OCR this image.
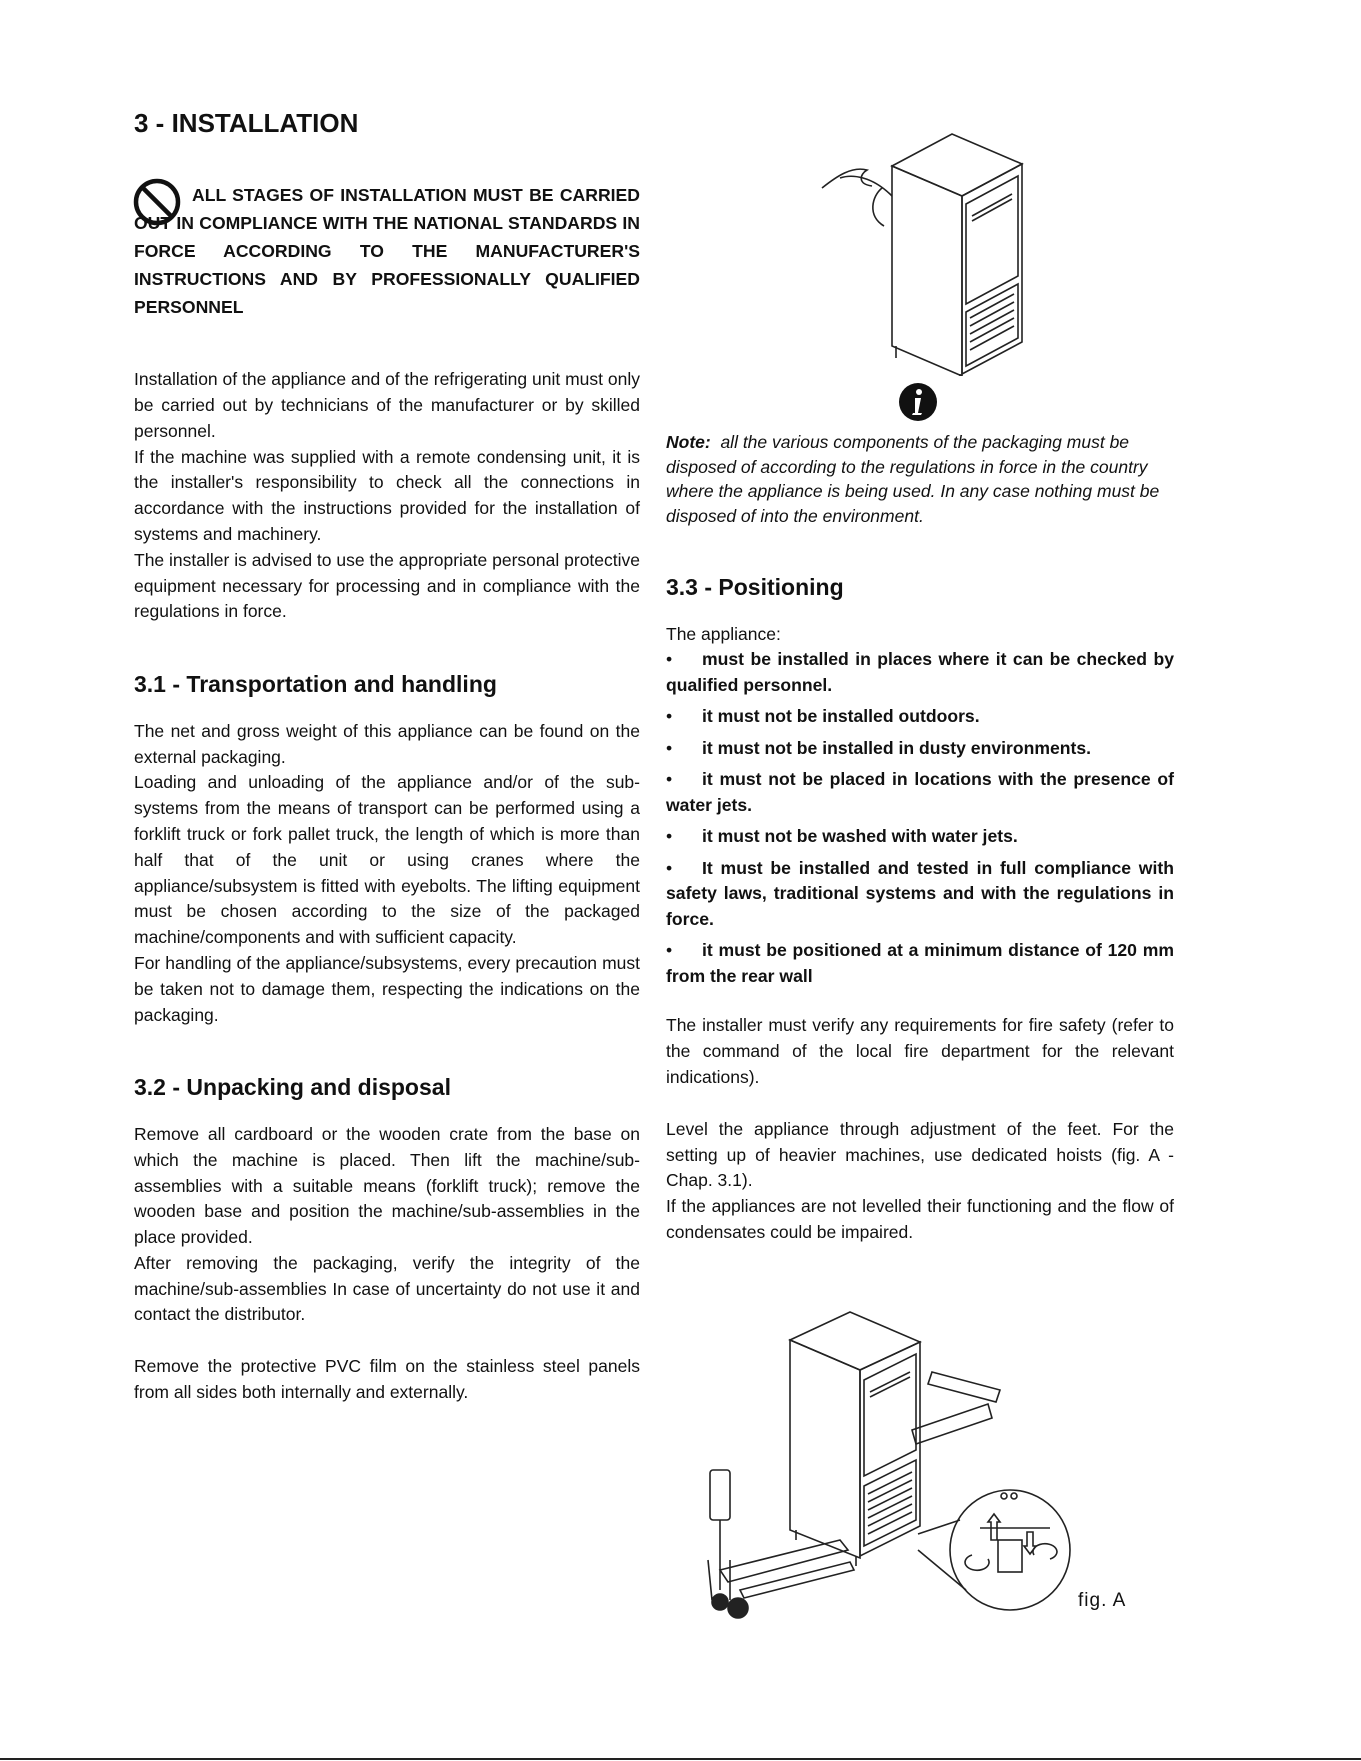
3 - INSTALLATION

ALL STAGES OF INSTALLATION MUST BE CARRIED OUT IN COMPLIANCE WITH THE NATIONAL STANDARDS IN FORCE ACCORDING TO THE MANUFACTURER'S INSTRUCTIONS AND BY PROFESSIONALLY QUALIFIED PERSONNEL

Installation of the appliance and of the refrigerating unit must only be carried out by technicians of the manufacturer or by skilled personnel.

If the machine was supplied with a remote condensing unit, it is the installer's responsibility to check all the connections in accordance with the instructions provided for the installation of systems and machinery.

The installer is advised to use the appropriate personal protective equipment necessary for processing and in compliance with the regulations in force.

3.1 - Transportation and handling

The net and gross weight of this appliance can be found on the external packaging.

Loading and unloading of the appliance and/or of the sub-systems from the means of transport can be performed using a forklift truck or fork pallet truck, the length of which is more than half that of the unit or using cranes where the appliance/subsystem is fitted with eyebolts. The lifting equipment must be chosen according to the size of the packaged machine/components and with sufficient capacity.

For handling of the appliance/subsystems, every precaution must be taken not to damage them, respecting the indications on the packaging.

3.2 - Unpacking and disposal

Remove all cardboard or the wooden crate from the base on which the machine is placed. Then lift the machine/sub-assemblies with a suitable means (forklift truck); remove the wooden base and position the machine/sub-assemblies in the place provided.

After removing the packaging, verify the integrity of the machine/sub-assemblies In case of uncertainty do not use it and contact the distributor.

Remove the protective PVC film on the stainless steel panels from all sides both internally and externally.

Note: all the various components of the packaging must be disposed of according to the regulations in force in the country where the appliance is being used. In any case nothing must be disposed of into the environment.

3.3 - Positioning

The appliance:

• must be installed in places where it can be checked by qualified personnel.
• it must not be installed outdoors.
• it must not be installed in dusty environments.
• it must not be placed in locations with the presence of water jets.
• it must not be washed with water jets.
• It must be installed and tested in full compliance with safety laws, traditional systems and with the regulations in force.
• it must be positioned at a minimum distance of 120 mm from the rear wall

The installer must verify any requirements for fire safety (refer to the command of the local fire department for the relevant indications).

Level the appliance through adjustment of the feet. For the setting up of heavier machines, use dedicated hoists (fig. A - Chap. 3.1).

If the appliances are not levelled their functioning and the flow of condensates could be impaired.

fig. A
